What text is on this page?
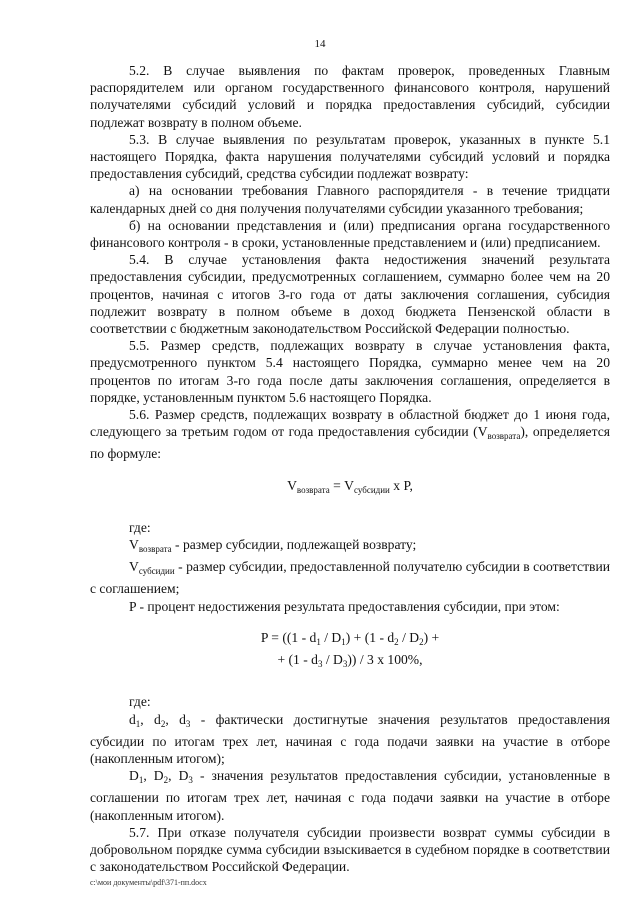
14

5.2. В случае выявления по фактам проверок, проведенных Главным распорядителем или органом государственного финансового контроля, нарушений получателями субсидий условий и порядка предоставления субсидий, субсидии подлежат возврату в полном объеме.

5.3. В случае выявления по результатам проверок, указанных в пункте 5.1 настоящего Порядка, факта нарушения получателями субсидий условий и порядка предоставления субсидий, средства субсидии подлежат возврату:

а) на основании требования Главного распорядителя - в течение тридцати календарных дней со дня получения получателями субсидии указанного требования;

б) на основании представления и (или) предписания органа государственного финансового контроля - в сроки, установленные представлением и (или) предписанием.

5.4. В случае установления факта недостижения значений результата предоставления субсидии, предусмотренных соглашением, суммарно более чем на 20 процентов, начиная с итогов 3-го года от даты заключения соглашения, субсидия подлежит возврату в полном объеме в доход бюджета Пензенской области в соответствии с бюджетным законодательством Российской Федерации полностью.

5.5. Размер средств, подлежащих возврату в случае установления факта, предусмотренного пунктом 5.4 настоящего Порядка, суммарно менее чем на 20 процентов по итогам 3-го года после даты заключения соглашения, определяется в порядке, установленным пунктом 5.6 настоящего Порядка.

5.6. Размер средств, подлежащих возврату в областной бюджет до 1 июня года, следующего за третьим годом от года предоставления субсидии $(V_{возврата})$, определяется по формуле:

$V_{возврата} = V_{субсидии}$ х P,

где:

$V_{возврата}$ - размер субсидии, подлежащей возврату;

$V_{субсидии}$ - размер субсидии, предоставленной получателю субсидии в соответствии с соглашением;

P - процент недостижения результата предоставления субсидии, при этом:

$P = ((1 - d_1 / D_1) + (1 - d_2 / D_2)$ +
+ $(1 - d_3 / D_3)) / 3$ х 100%,

где:

$d_1$, $d_2$, $d_3$ - фактически достигнутые значения результатов предоставления субсидии по итогам трех лет, начиная с года подачи заявки на участие в отборе (накопленным итогом);

$D_1$, $D_2$, $D_3$ - значения результатов предоставления субсидии, установленные в соглашении по итогам трех лет, начиная с года подачи заявки на участие в отборе (накопленным итогом).

5.7. При отказе получателя субсидии произвести возврат суммы субсидии в добровольном порядке сумма субсидии взыскивается в судебном порядке в соответствии с законодательством Российской Федерации.

c:\мои документы\pdf\371-пп.docx
